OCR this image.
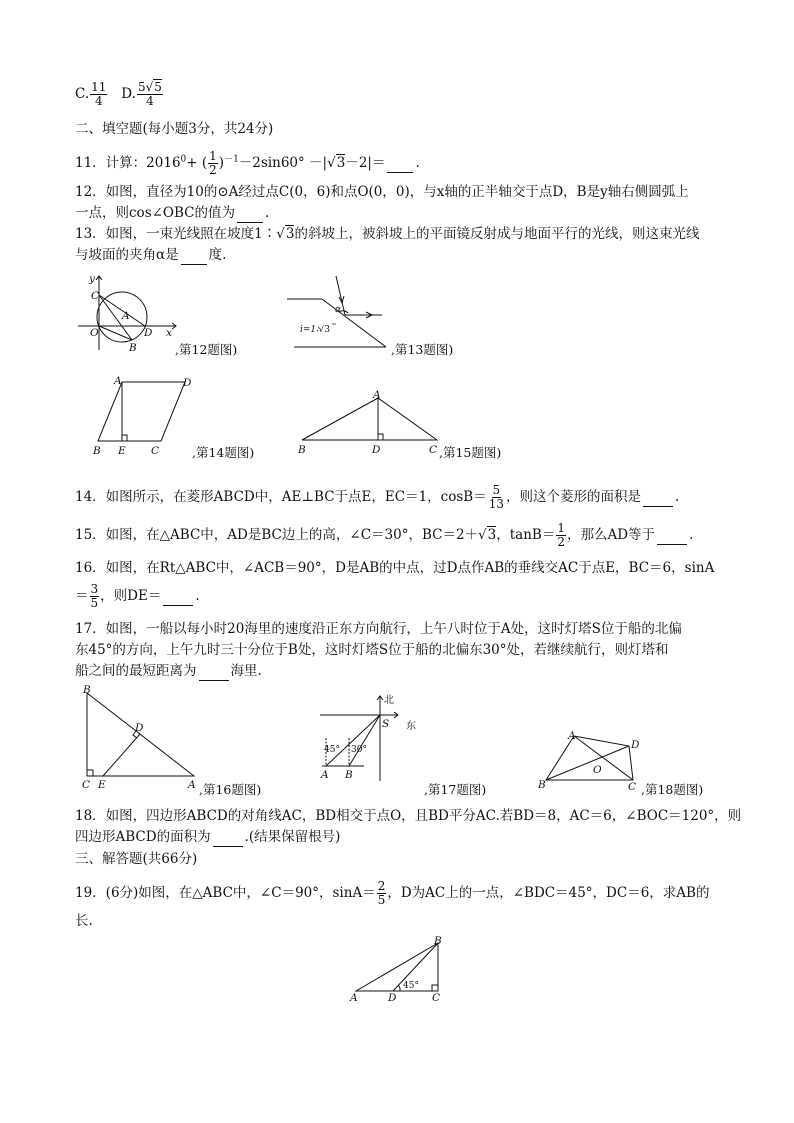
C. $\frac{11}{4} D$. $\frac{5√5}{4}$
二、填空题(每小题3分，共24分)
11．计算：$2016^0+$ ( $\frac{1}{2} )^{-1}-2\sin 60^\circ -|√3-2|=$ .
12．如图，直径为10的⊙A经过点C(0，6)和点O(0，0)，与x轴的正半轴交于点D，B是y轴右侧圆弧上
一点，则cos∠OBC的值为 .
13．如图，一束光线照在坡度1∶√3的斜坡上，被斜坡上的平面镜反射成与地面平行的光线，则这束光线
与坡面的夹角α是 度.
y
C
A
O	D x
B	,第12题图)
α
i=1∶√3
,第13题图)
A	D
B E C	,第14题图)
A
B	D	C ,第15题图)
14．如图所示，在菱形ABCD中，AE⊥BC于点E，EC＝1，$\cos B= \frac{5}{13}$ ，则这个菱形的面积是	.
15．如图，在△ABC中，AD是BC边上的高，∠C＝30°，BC＝2＋√3，$\tan B= \frac{1}{2}$ ，那么AD等于	.
16．如图，在Rt△ABC中，∠ACB＝90°，D是AB的中点，过D点作AB的垂线交AC于点E，BC＝6，sinA
＝ $\frac{3}{5}$ ，则DE＝	.
17．如图，一船以每小时20海里的速度沿正东方向航行，上午八时位于A处，这时灯塔S位于船的北偏
东45°的方向，上午九时三十分位于B处，这时灯塔S位于船的北偏东30°处，若继续航行，则灯塔和
船之间的最短距离为	海里.
B
D
C E	A ,第16题图)
北
东
S
45° 30°
A B
,第17题图)
A
D
O
B	C ,第18题图)
18．如图，四边形ABCD的对角线AC，BD相交于点O，且BD平分AC.若BD＝8，AC＝6，∠BOC＝120°，则
四边形ABCD的面积为	.(结果保留根号)
三、解答题(共66分)
19．(6分)如图，在△ABC中，∠C＝90°，$\sin A= \frac{2}{5}$ ，D为AC上的一点，∠BDC＝45°，DC＝6，求AB的
长.
B
A	D	C
45°
